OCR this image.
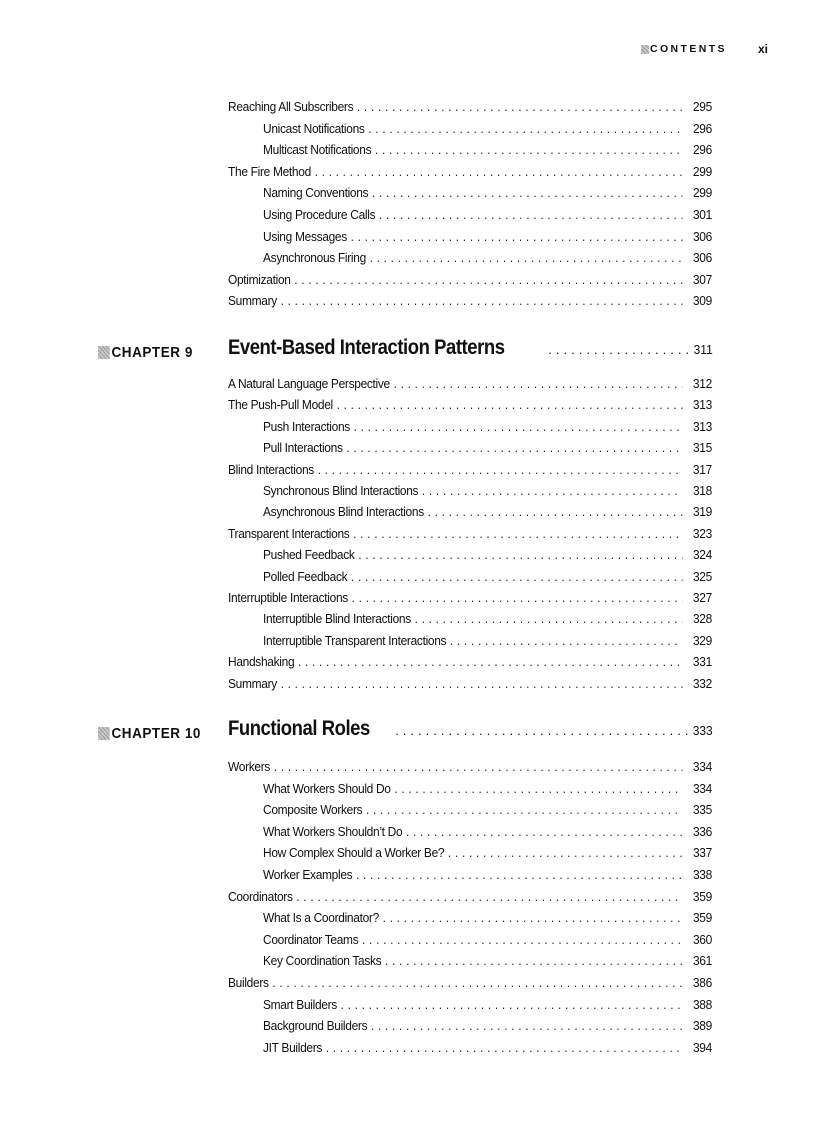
CONTENTS	xi
Reaching All Subscribers . . .	295
Unicast Notifications . . .	296
Multicast Notifications . . .	296
The Fire Method . . .	299
Naming Conventions . . .	299
Using Procedure Calls . . .	301
Using Messages . . .	306
Asynchronous Firing . . .	306
Optimization . . .	307
Summary . . .	309
CHAPTER 9 Event-Based Interaction Patterns . . .	311
A Natural Language Perspective . . .	312
The Push-Pull Model . . .	313
Push Interactions . . .	313
Pull Interactions . . .	315
Blind Interactions . . .	317
Synchronous Blind Interactions . . .	318
Asynchronous Blind Interactions . . .	319
Transparent Interactions . . .	323
Pushed Feedback . . .	324
Polled Feedback . . .	325
Interruptible Interactions . . .	327
Interruptible Blind Interactions . . .	328
Interruptible Transparent Interactions . . .	329
Handshaking . . .	331
Summary . . .	332
CHAPTER 10 Functional Roles . . .	333
Workers . . .	334
What Workers Should Do . . .	334
Composite Workers . . .	335
What Workers Shouldn’t Do . . .	336
How Complex Should a Worker Be? . . .	337
Worker Examples . . .	338
Coordinators . . .	359
What Is a Coordinator? . . .	359
Coordinator Teams . . .	360
Key Coordination Tasks . . .	361
Builders . . .	386
Smart Builders . . .	388
Background Builders . . .	389
JIT Builders . . .	394
